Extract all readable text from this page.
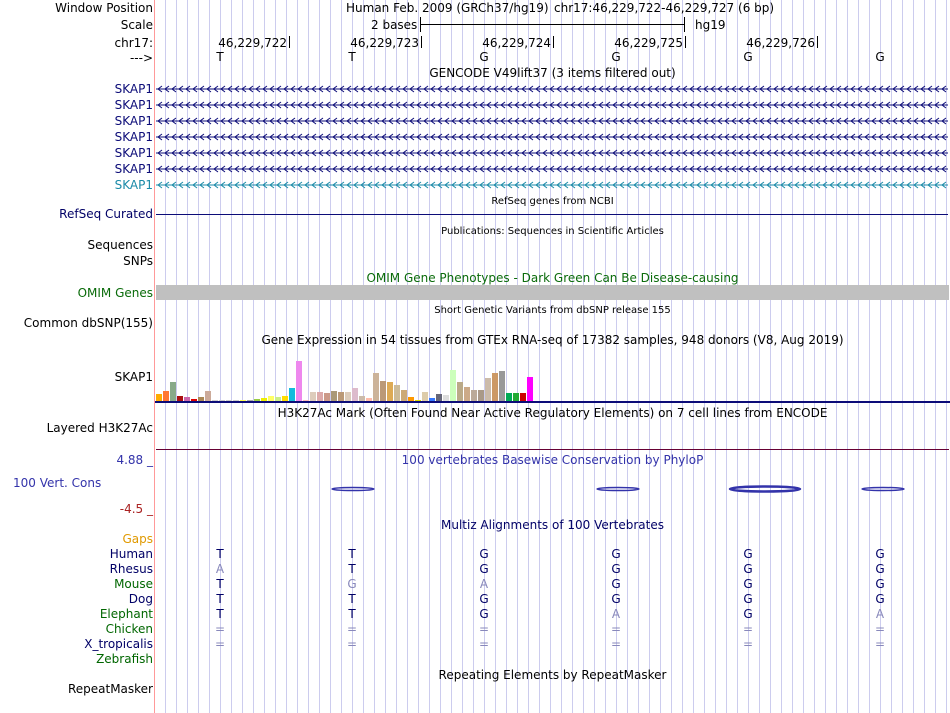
Window Position
Scale
chr17:
--->
Human Feb. 2009 (GRCh37/hg19) chr17:46,229,722-46,229,727 (6 bp)
2 bases	hg19
46,229,722	46,229,723	46,229,724	46,229,725	46,229,726
T	T	G	G	G	G
GENCODE V49lift37 (3 items filtered out)
SKAP1
SKAP1
SKAP1
SKAP1
SKAP1
SKAP1
SKAP1
RefSeq genes from NCBI
RefSeq Curated
Publications: Sequences in Scientific Articles
Sequences
SNPs
OMIM Gene Phenotypes - Dark Green Can Be Disease-causing
OMIM Genes
Short Genetic Variants from dbSNP release 155
Common dbSNP(155)
Gene Expression in 54 tissues from GTEx RNA-seq of 17382 samples, 948 donors (V8, Aug 2019)
SKAP1
H3K27Ac Mark (Often Found Near Active Regulatory Elements) on 7 cell lines from ENCODE
Layered H3K27Ac
100 vertebrates Basewise Conservation by PhyloP
4.88 _
100 Vert. Cons
-4.5 _
Multiz Alignments of 100 Vertebrates
Gaps
Human	T	T	G	G	G	G
Rhesus	A	T	G	G	G	G
Mouse	T	G	A	G	G	G
Dog	T	T	G	G	G	G
Elephant	T	T	G	A	G	A
Chicken	=	=	=	=	=	=
X_tropicalis	=	=	=	=	=	=
Zebrafish
Repeating Elements by RepeatMasker
RepeatMasker
